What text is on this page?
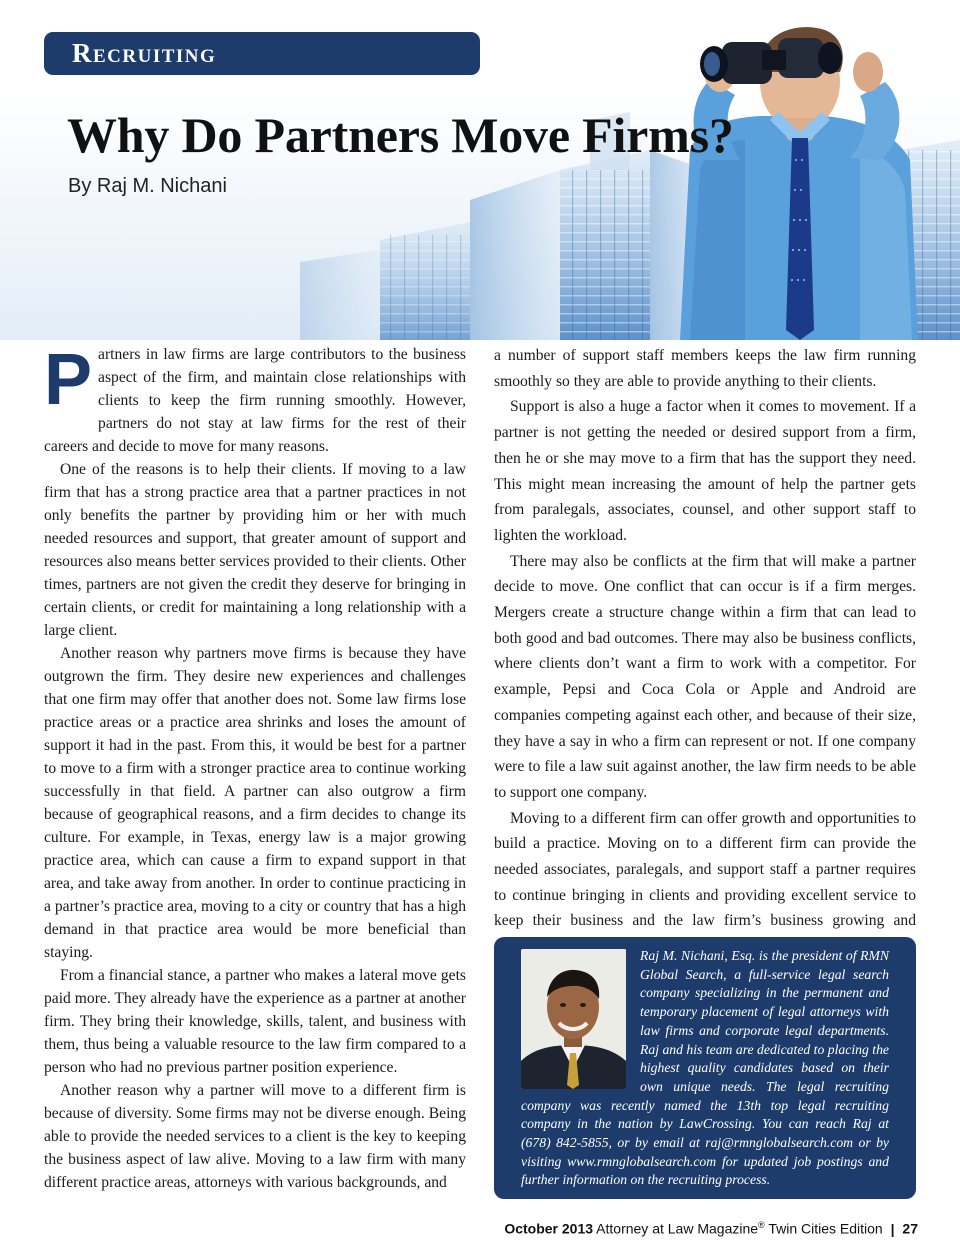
Recruiting
Why Do Partners Move Firms?
By Raj M. Nichani

Partners in law firms are large contributors to the business aspect of the firm, and maintain close relationships with clients to keep the firm running smoothly. However, partners do not stay at law firms for the rest of their careers and decide to move for many reasons.

One of the reasons is to help their clients. If moving to a law firm that has a strong practice area that a partner practices in not only benefits the partner by providing him or her with much needed resources and support, that greater amount of support and resources also means better services provided to their clients. Other times, partners are not given the credit they deserve for bringing in certain clients, or credit for maintaining a long relationship with a large client.

Another reason why partners move firms is because they have outgrown the firm. They desire new experiences and challenges that one firm may offer that another does not. Some law firms lose practice areas or a practice area shrinks and loses the amount of support it had in the past. From this, it would be best for a partner to move to a firm with a stronger practice area to continue working successfully in that field. A partner can also outgrow a firm because of geographical reasons, and a firm decides to change its culture. For example, in Texas, energy law is a major growing practice area, which can cause a firm to expand support in that area, and take away from another. In order to continue practicing in a partner’s practice area, moving to a city or country that has a high demand in that practice area would be more beneficial than staying.

From a financial stance, a partner who makes a lateral move gets paid more. They already have the experience as a partner at another firm. They bring their knowledge, skills, talent, and business with them, thus being a valuable resource to the law firm compared to a person who had no previous partner position experience.

Another reason why a partner will move to a different firm is because of diversity. Some firms may not be diverse enough. Being able to provide the needed services to a client is the key to keeping the business aspect of law alive. Moving to a law firm with many different practice areas, attorneys with various backgrounds, and

a number of support staff members keeps the law firm running smoothly so they are able to provide anything to their clients.

Support is also a huge a factor when it comes to movement. If a partner is not getting the needed or desired support from a firm, then he or she may move to a firm that has the support they need. This might mean increasing the amount of help the partner gets from paralegals, associates, counsel, and other support staff to lighten the workload.

There may also be conflicts at the firm that will make a partner decide to move. One conflict that can occur is if a firm merges. Mergers create a structure change within a firm that can lead to both good and bad outcomes. There may also be business conflicts, where clients don’t want a firm to work with a competitor. For example, Pepsi and Coca Cola or Apple and Android are companies competing against each other, and because of their size, they have a say in who a firm can represent or not. If one company were to file a law suit against another, the law firm needs to be able to support one company.

Moving to a different firm can offer growth and opportunities to build a practice. Moving on to a different firm can provide the needed associates, paralegals, and support staff a partner requires to continue bringing in clients and providing excellent service to keep their business and the law firm’s business growing and

Raj M. Nichani, Esq. is the president of RMN Global Search, a full-service legal search company specializing in the permanent and temporary placement of legal attorneys with law firms and corporate legal departments. Raj and his team are dedicated to placing the highest quality candidates based on their own unique needs. The legal recruiting company was recently named the 13th top legal recruiting company in the nation by LawCrossing. You can reach Raj at (678) 842-5855, or by email at raj@rmnglobalsearch.com or by visiting www.rmnglobalsearch.com for updated job postings and further information on the recruiting process.

October 2013 Attorney at Law Magazine® Twin Cities Edition | 27
